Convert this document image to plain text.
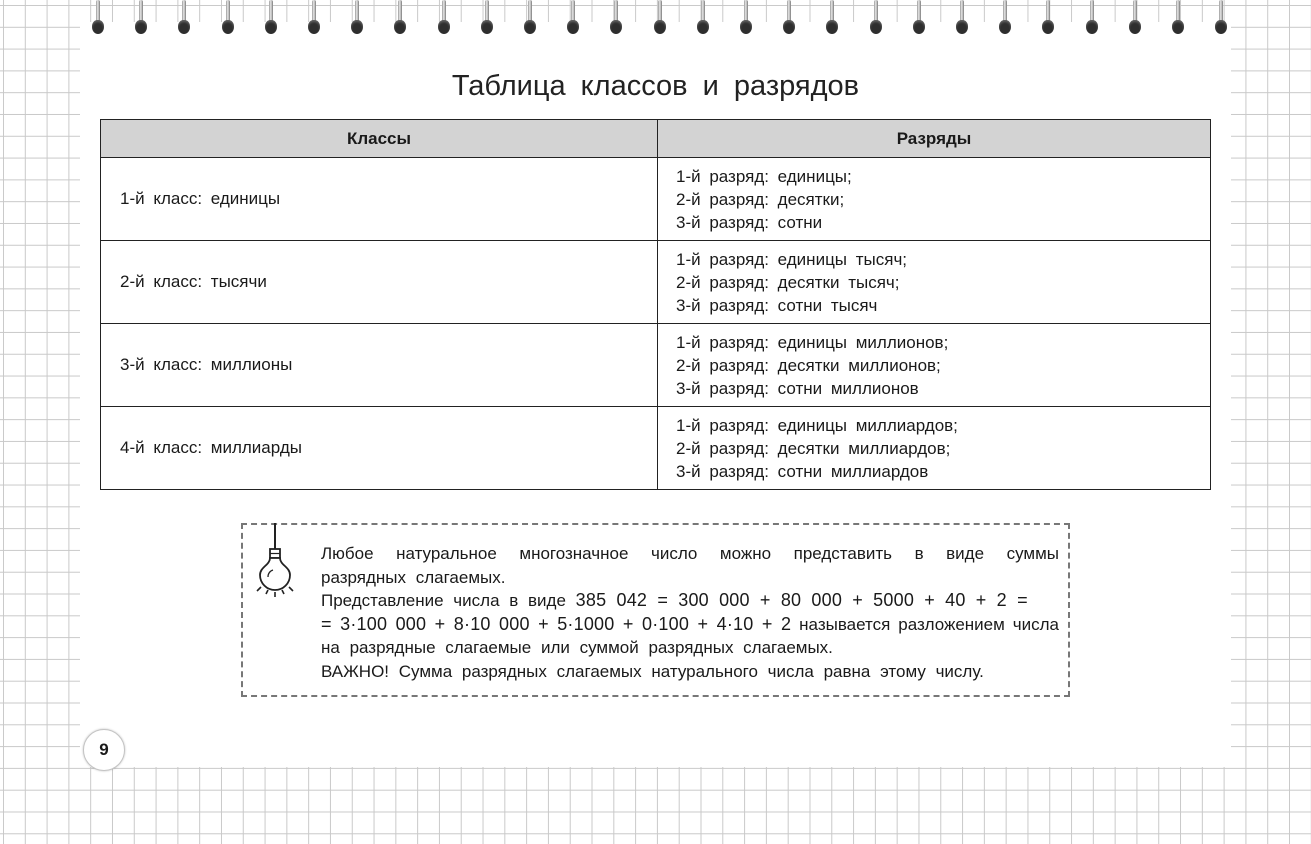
Таблица классов и разрядов
Классы	Разряды
1-й класс: единицы	1-й разряд: единицы;
2-й разряд: десятки;
3-й разряд: сотни

2-й класс: тысячи	1-й разряд: единицы тысяч;
2-й разряд: десятки тысяч;
3-й разряд: сотни тысяч

3-й класс: миллионы	1-й разряд: единицы миллионов;
2-й разряд: десятки миллионов;
3-й разряд: сотни миллионов

4-й класс: миллиарды	1-й разряд: единицы миллиардов;
2-й разряд: десятки миллиардов;
3-й разряд: сотни миллиардов

Любое натуральное многозначное число можно представить в виде суммы

разрядных слагаемых.

Представление числа в виде 385 042 = 300 000 + 80 000 + 5000 + 40 + 2 =

= 3·100 000 + 8·10 000 + 5·1000 + 0·100 + 4·10 + 2 называется разложением числа

на разрядные слагаемые или суммой разрядных слагаемых.

ВАЖНО! Сумма разрядных слагаемых натурального числа равна этому числу.

9
